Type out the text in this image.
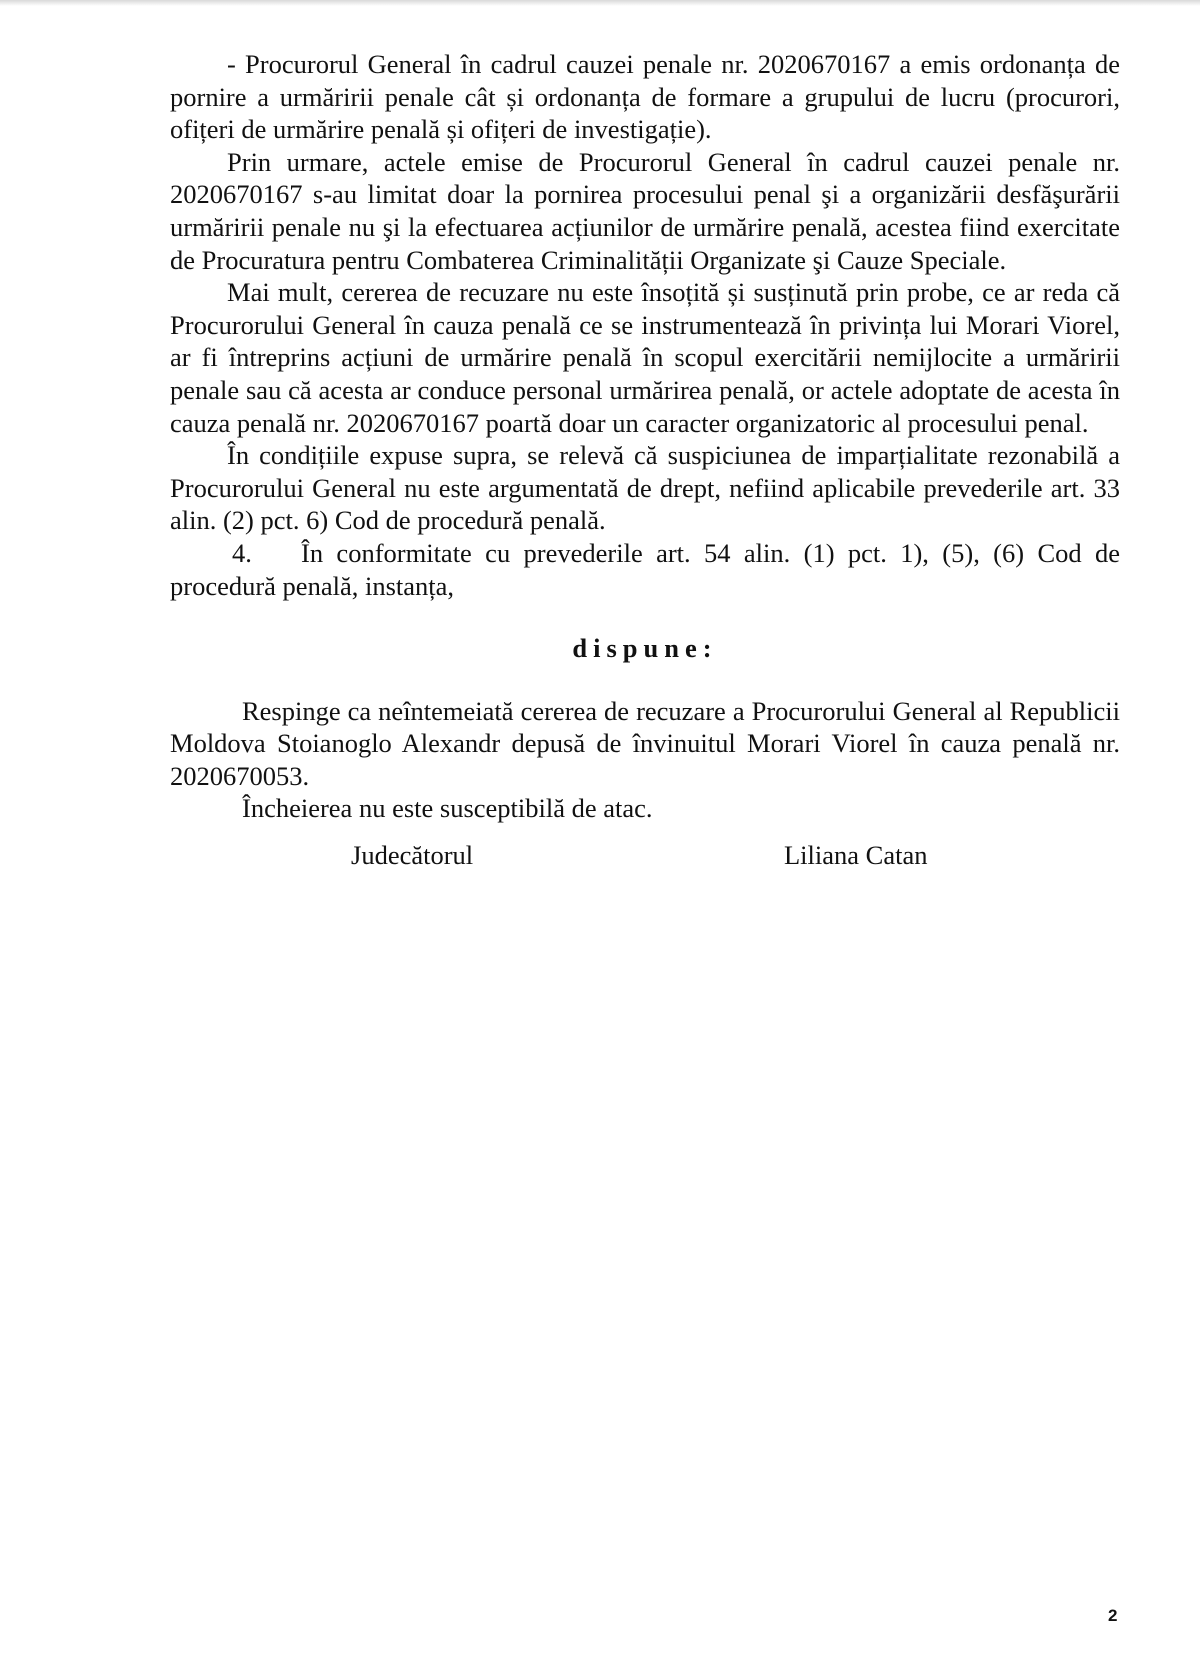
- Procurorul General în cadrul cauzei penale nr. 2020670167 a emis ordonanța de pornire a urmăririi penale cât și ordonanța de formare a grupului de lucru (procurori, ofițeri de urmărire penală și ofițeri de investigație).

Prin urmare, actele emise de Procurorul General în cadrul cauzei penale nr. 2020670167 s-au limitat doar la pornirea procesului penal şi a organizării desfăşurării urmăririi penale nu şi la efectuarea acțiunilor de urmărire penală, acestea fiind exercitate de Procuratura pentru Combaterea Criminalității Organizate şi Cauze Speciale.

Mai mult, cererea de recuzare nu este însoțită și susținută prin probe, ce ar reda că Procurorului General în cauza penală ce se instrumentează în privința lui Morari Viorel, ar fi întreprins acțiuni de urmărire penală în scopul exercitării nemijlocite a urmăririi penale sau că acesta ar conduce personal urmărirea penală, or actele adoptate de acesta în cauza penală nr. 2020670167 poartă doar un caracter organizatoric al procesului penal.

În condițiile expuse supra, se relevă că suspiciunea de imparțialitate rezonabilă a Procurorului General nu este argumentată de drept, nefiind aplicabile prevederile art. 33 alin. (2) pct. 6) Cod de procedură penală.

4. În conformitate cu prevederile art. 54 alin. (1) pct. 1), (5), (6) Cod de procedură penală, instanța,

dispune:

Respinge ca neîntemeiată cererea de recuzare a Procurorului General al Republicii Moldova Stoianoglo Alexandr depusă de învinuitul Morari Viorel în cauza penală nr. 2020670053.

Încheierea nu este susceptibilă de atac.

Judecătorul	Liliana Catan
2
